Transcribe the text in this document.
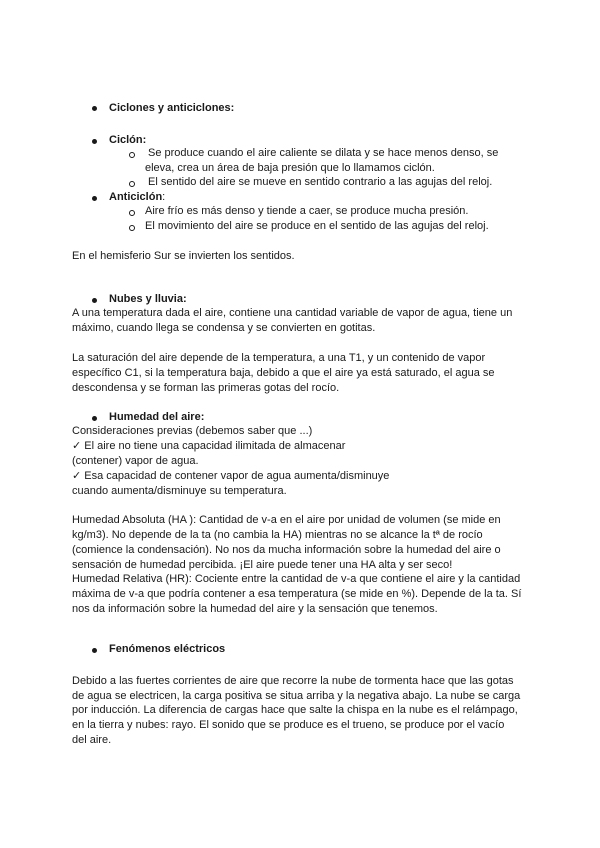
Ciclones y anticiclones:
Ciclón:
Se produce cuando el aire caliente se dilata y se hace menos denso, se
eleva, crea un área de baja presión que lo llamamos ciclón.
El sentido del aire se mueve en sentido contrario a las agujas del reloj.
Anticiclón:
Aire frío es más denso y tiende a caer, se produce mucha presión.
El movimiento del aire se produce en el sentido de las agujas del reloj.
En el hemisferio Sur se invierten los sentidos.
Nubes y lluvia:
A una temperatura dada el aire, contiene una cantidad variable de vapor de agua, tiene un
máximo, cuando llega se condensa y se convierten en gotitas.
La saturación del aire depende de la temperatura, a una T1, y un contenido de vapor
específico C1, si la temperatura baja, debido a que el aire ya está saturado, el agua se
descondensa y se forman las primeras gotas del rocío.
Humedad del aire:
Consideraciones previas (debemos saber que ...)
✓ El aire no tiene una capacidad ilimitada de almacenar
(contener) vapor de agua.
✓ Esa capacidad de contener vapor de agua aumenta/disminuye
cuando aumenta/disminuye su temperatura.
Humedad Absoluta (HA ): Cantidad de v-a en el aire por unidad de volumen (se mide en
kg/m3). No depende de la ta (no cambia la HA) mientras no se alcance la tª de rocío
(comience la condensación). No nos da mucha información sobre la humedad del aire o
sensación de humedad percibida. ¡El aire puede tener una HA alta y ser seco!
Humedad Relativa (HR): Cociente entre la cantidad de v-a que contiene el aire y la cantidad
máxima de v-a que podría contener a esa temperatura (se mide en %). Depende de la ta. Sí
nos da información sobre la humedad del aire y la sensación que tenemos.
Fenómenos eléctricos
Debido a las fuertes corrientes de aire que recorre la nube de tormenta hace que las gotas
de agua se electricen, la carga positiva se situa arriba y la negativa abajo. La nube se carga
por inducción. La diferencia de cargas hace que salte la chispa en la nube es el relámpago,
en la tierra y nubes: rayo. El sonido que se produce es el trueno, se produce por el vacío
del aire.
